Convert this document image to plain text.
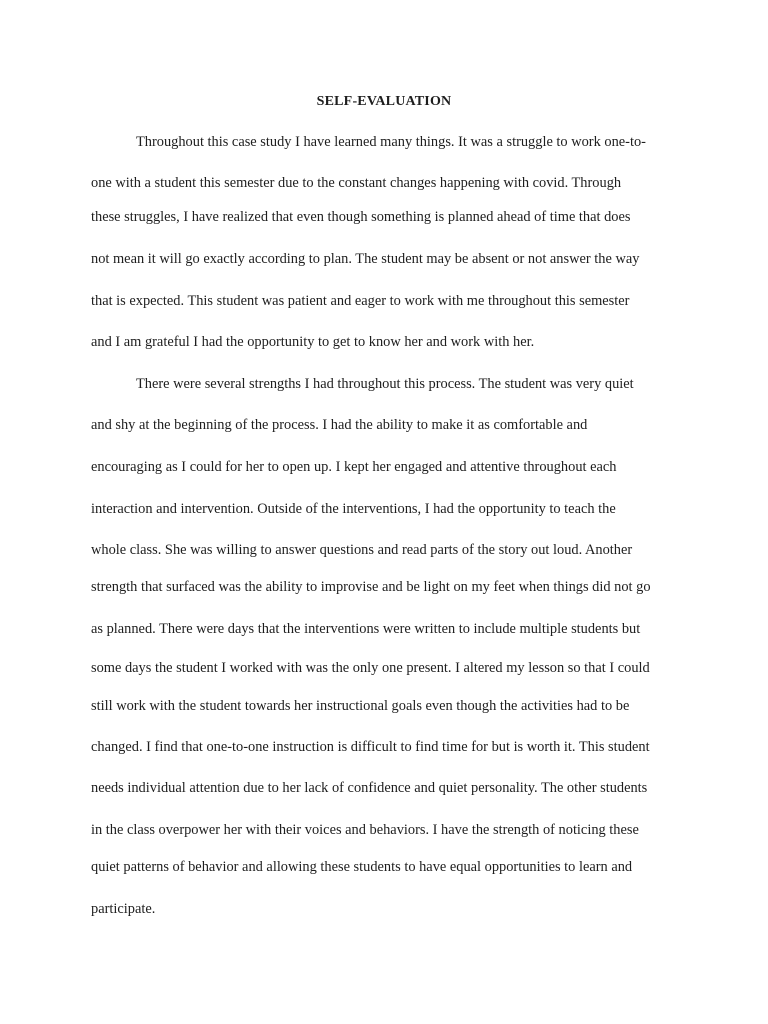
SELF-EVALUATION
Throughout this case study I have learned many things. It was a struggle to work one-to-
one with a student this semester due to the constant changes happening with covid. Through
these struggles, I have realized that even though something is planned ahead of time that does
not mean it will go exactly according to plan. The student may be absent or not answer the way
that is expected. This student was patient and eager to work with me throughout this semester
and I am grateful I had the opportunity to get to know her and work with her.
There were several strengths I had throughout this process. The student was very quiet
and shy at the beginning of the process. I had the ability to make it as comfortable and
encouraging as I could for her to open up. I kept her engaged and attentive throughout each
interaction and intervention. Outside of the interventions, I had the opportunity to teach the
whole class. She was willing to answer questions and read parts of the story out loud. Another
strength that surfaced was the ability to improvise and be light on my feet when things did not go
as planned. There were days that the interventions were written to include multiple students but
some days the student I worked with was the only one present. I altered my lesson so that I could
still work with the student towards her instructional goals even though the activities had to be
changed. I find that one-to-one instruction is difficult to find time for but is worth it. This student
needs individual attention due to her lack of confidence and quiet personality. The other students
in the class overpower her with their voices and behaviors. I have the strength of noticing these
quiet patterns of behavior and allowing these students to have equal opportunities to learn and
participate.
